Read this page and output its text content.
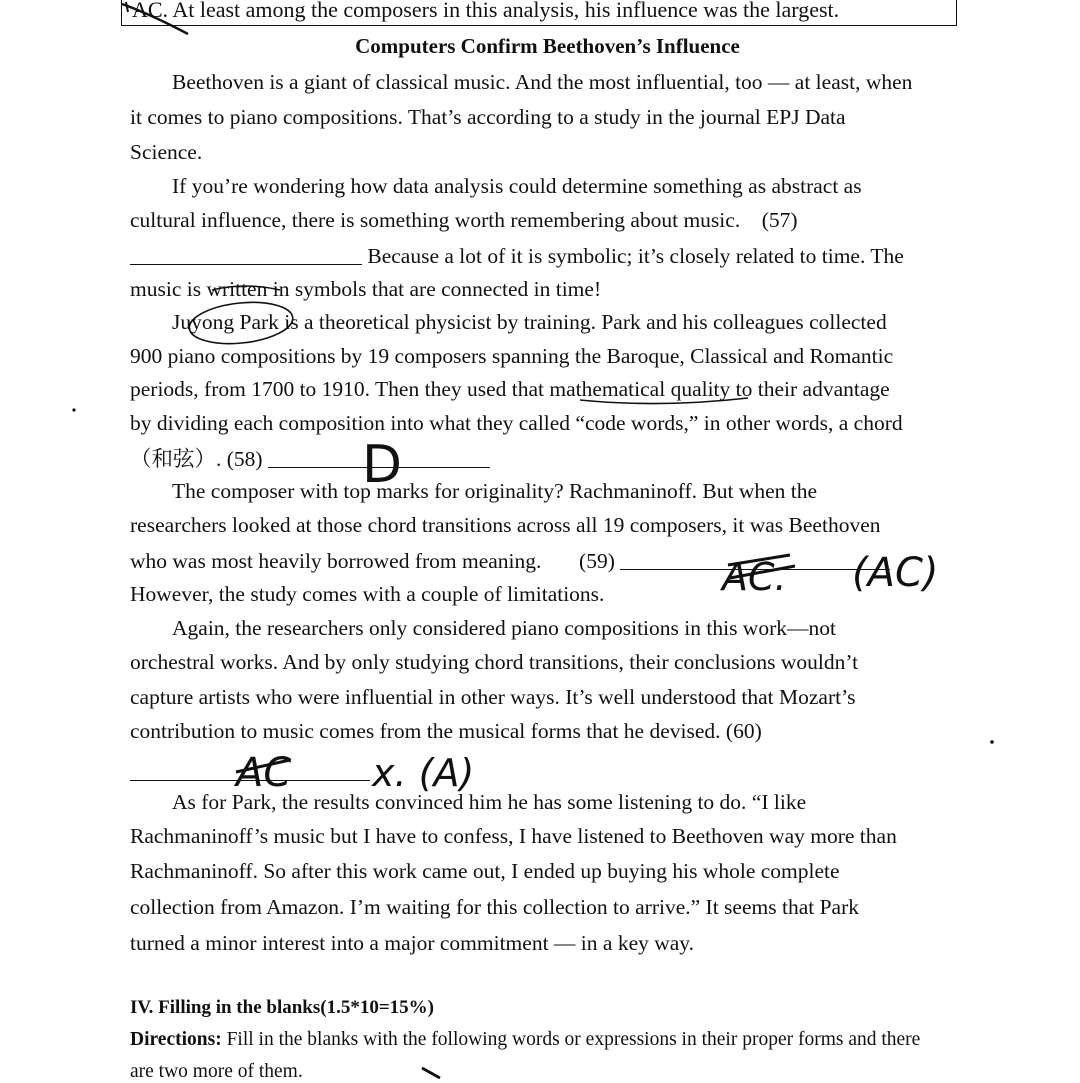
AC. At least among the composers in this analysis, his influence was the largest.
Computers Confirm Beethoven’s Influence
Beethoven is a giant of classical music. And the most influential, too — at least, when
it comes to piano compositions. That’s according to a study in the journal EPJ Data
Science.
If you’re wondering how data analysis could determine something as abstract as
cultural influence, there is something worth remembering about music. (57)
Because a lot of it is symbolic; it’s closely related to time. The
music is written in symbols that are connected in time!
Juyong Park is a theoretical physicist by training. Park and his colleagues collected
900 piano compositions by 19 composers spanning the Baroque, Classical and Romantic
periods, from 1700 to 1910. Then they used that mathematical quality to their advantage
by dividing each composition into what they called “code words,” in other words, a chord
（和弦）. (58)
The composer with top marks for originality? Rachmaninoff. But when the
researchers looked at those chord transitions across all 19 composers, it was Beethoven
who was most heavily borrowed from meaning. (59)
However, the study comes with a couple of limitations.
Again, the researchers only considered piano compositions in this work—not
orchestral works. And by only studying chord transitions, their conclusions wouldn’t
capture artists who were influential in other ways. It’s well understood that Mozart’s
contribution to music comes from the musical forms that he devised. (60)
As for Park, the results convinced him he has some listening to do. “I like
Rachmaninoff’s music but I have to confess, I have listened to Beethoven way more than
Rachmaninoff. So after this work came out, I ended up buying his whole complete
collection from Amazon. I’m waiting for this collection to arrive.” It seems that Park
turned a minor interest into a major commitment — in a key way.
IV. Filling in the blanks(1.5*10=15%)
Directions: Fill in the blanks with the following words or expressions in their proper forms and there
are two more of them.
D
AC. (AC)
AC x. (A)
